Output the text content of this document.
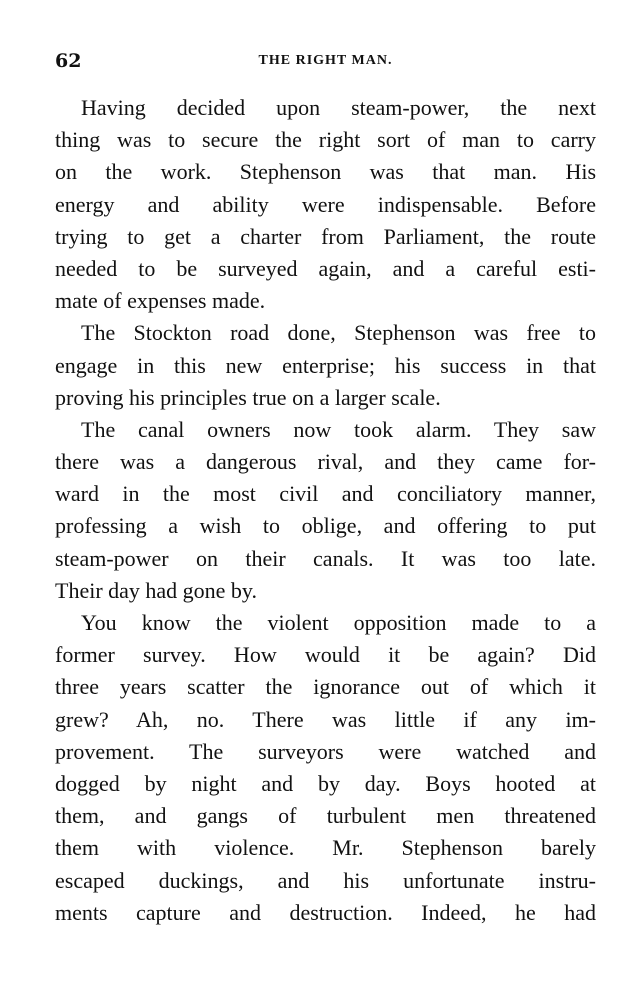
62	THE RIGHT MAN.
Having decided upon steam-power, the next
thing was to secure the right sort of man to carry
on the work. Stephenson was that man. His
energy and ability were indispensable. Before
trying to get a charter from Parliament, the route
needed to be surveyed again, and a careful esti-
mate of expenses made.
The Stockton road done, Stephenson was free to
engage in this new enterprise; his success in that
proving his principles true on a larger scale.
The canal owners now took alarm. They saw
there was a dangerous rival, and they came for-
ward in the most civil and conciliatory manner,
professing a wish to oblige, and offering to put
steam-power on their canals. It was too late.
Their day had gone by.
You know the violent opposition made to a
former survey. How would it be again? Did
three years scatter the ignorance out of which it
grew? Ah, no. There was little if any im-
provement. The surveyors were watched and
dogged by night and by day. Boys hooted at
them, and gangs of turbulent men threatened
them with violence. Mr. Stephenson barely
escaped duckings, and his unfortunate instru-
ments capture and destruction. Indeed, he had
